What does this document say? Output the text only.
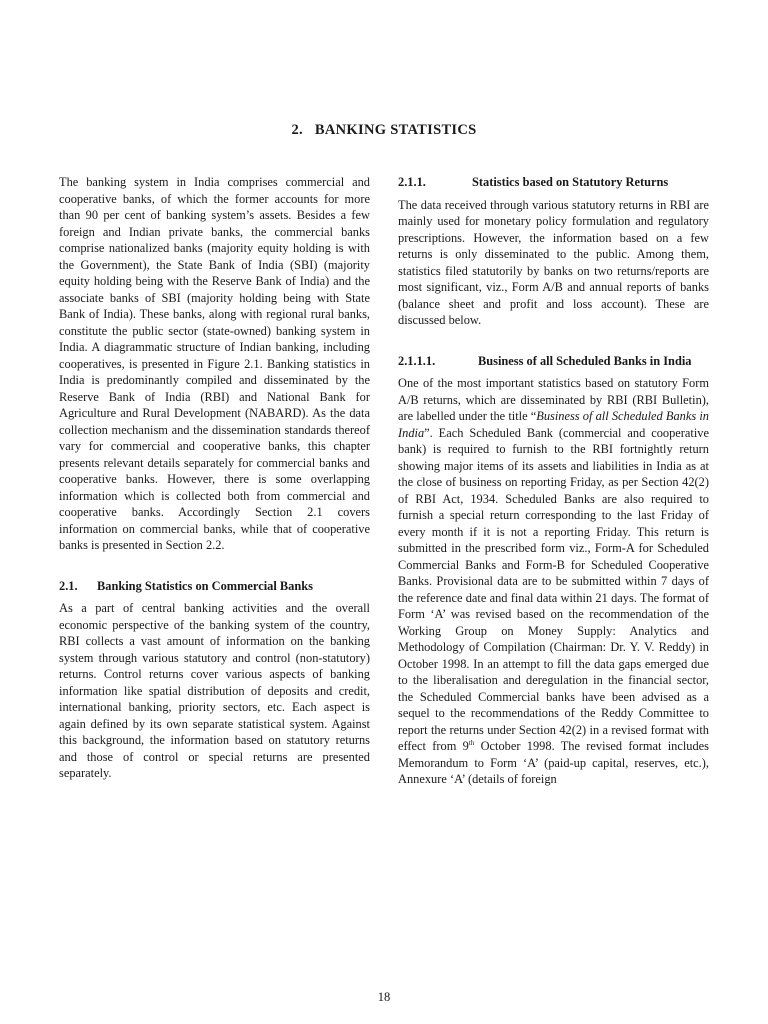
2. BANKING STATISTICS

The banking system in India comprises commercial and cooperative banks, of which the former accounts for more than 90 per cent of banking system’s assets. Besides a few foreign and Indian private banks, the commercial banks comprise nationalized banks (majority equity holding is with the Government), the State Bank of India (SBI) (majority equity holding being with the Reserve Bank of India) and the associate banks of SBI (majority holding being with State Bank of India). These banks, along with regional rural banks, constitute the public sector (state-owned) banking system in India. A diagrammatic structure of Indian banking, including cooperatives, is presented in Figure 2.1. Banking statistics in India is predominantly compiled and disseminated by the Reserve Bank of India (RBI) and National Bank for Agriculture and Rural Development (NABARD). As the data collection mechanism and the dissemination standards thereof vary for commercial and cooperative banks, this chapter presents relevant details separately for commercial banks and cooperative banks. However, there is some overlapping information which is collected both from commercial and cooperative banks. Accordingly Section 2.1 covers information on commercial banks, while that of cooperative banks is presented in Section 2.2.

2.1.	Banking Statistics on Commercial Banks

As a part of central banking activities and the overall economic perspective of the banking system of the country, RBI collects a vast amount of information on the banking system through various statutory and control (non-statutory) returns. Control returns cover various aspects of banking information like spatial distribution of deposits and credit, international banking, priority sectors, etc. Each aspect is again defined by its own separate statistical system. Against this background, the information based on statutory returns and those of control or special returns are presented separately.

2.1.1.	Statistics based on Statutory Returns

The data received through various statutory returns in RBI are mainly used for monetary policy formulation and regulatory prescriptions. However, the information based on a few returns is only disseminated to the public. Among them, statistics filed statutorily by banks on two returns/reports are most significant, viz., Form A/B and annual reports of banks (balance sheet and profit and loss account). These are discussed below.

2.1.1.1.	Business of all Scheduled Banks in India

One of the most important statistics based on statutory Form A/B returns, which are disseminated by RBI (RBI Bulletin), are labelled under the title “Business of all Scheduled Banks in India”. Each Scheduled Bank (commercial and cooperative bank) is required to furnish to the RBI fortnightly return showing major items of its assets and liabilities in India as at the close of business on reporting Friday, as per Section 42(2) of RBI Act, 1934. Scheduled Banks are also required to furnish a special return corresponding to the last Friday of every month if it is not a reporting Friday. This return is submitted in the prescribed form viz., Form-A for Scheduled Commercial Banks and Form-B for Scheduled Cooperative Banks. Provisional data are to be submitted within 7 days of the reference date and final data within 21 days. The format of Form ‘A’ was revised based on the recommendation of the Working Group on Money Supply: Analytics and Methodology of Compilation (Chairman: Dr. Y. V. Reddy) in October 1998. In an attempt to fill the data gaps emerged due to the liberalisation and deregulation in the financial sector, the Scheduled Commercial banks have been advised as a sequel to the recommendations of the Reddy Committee to report the returns under Section 42(2) in a revised format with effect from 9th October 1998. The revised format includes Memorandum to Form ‘A’ (paid-up capital, reserves, etc.), Annexure ‘A’ (details of foreign

18
